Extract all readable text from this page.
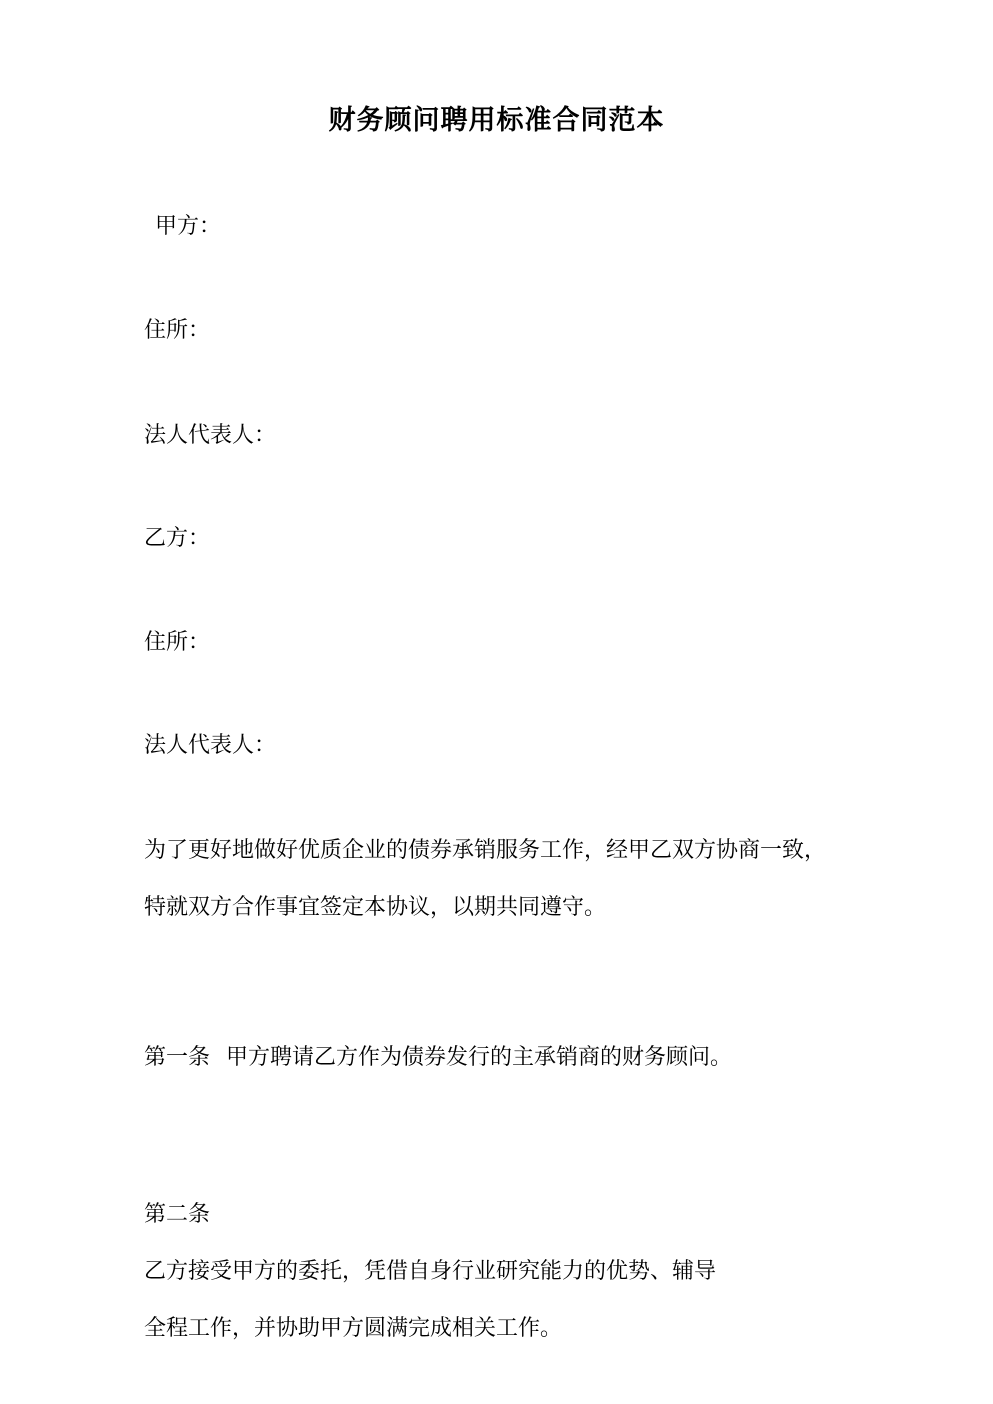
财务顾问聘用标准合同范本
甲方：
住所：
法人代表人：
乙方：
住所：
法人代表人：
为了更好地做好优质企业的债券承销服务工作，经甲乙双方协商一致，
特就双方合作事宜签定本协议，以期共同遵守。
第一条 甲方聘请乙方作为债券发行的主承销商的财务顾问。
第二条
乙方接受甲方的委托，凭借自身行业研究能力的优势、辅导
全程工作，并协助甲方圆满完成相关工作。
